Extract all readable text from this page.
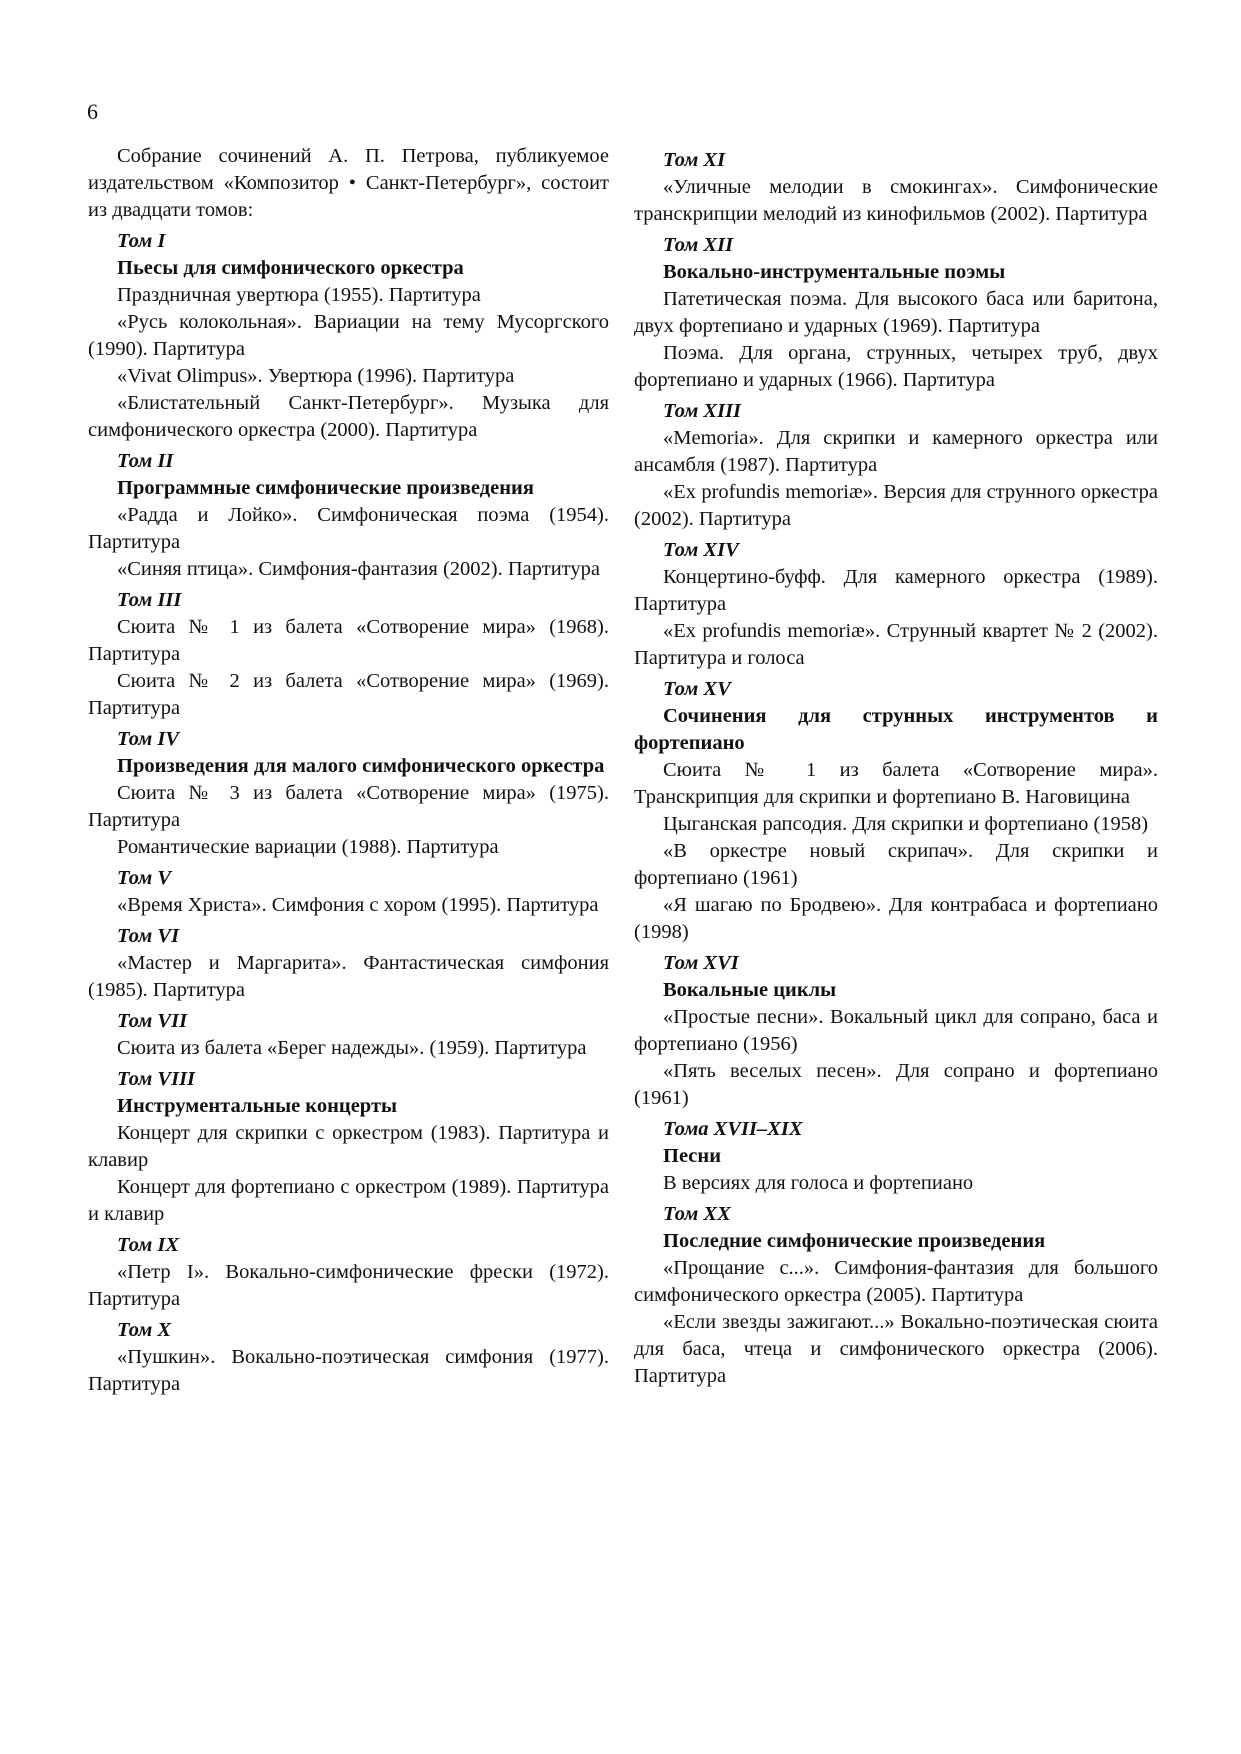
6

Собрание сочинений А. П. Петрова, публикуемое издательством «Композитор • Санкт-Петербург», состоит из двадцати томов:

Том I

Пьесы для симфонического оркестра

Праздничная увертюра (1955). Партитура

«Русь колокольная». Вариации на тему Мусоргского (1990). Партитура

«Vivat Olimpus». Увертюра (1996). Партитура

«Блистательный Санкт-Петербург». Музыка для симфонического оркестра (2000). Партитура

Том II

Программные симфонические произведения

«Радда и Лойко». Симфоническая поэма (1954). Партитура

«Синяя птица». Симфония-фантазия (2002). Партитура

Том III

Сюита № 1 из балета «Сотворение мира» (1968). Партитура

Сюита № 2 из балета «Сотворение мира» (1969). Партитура

Том IV

Произведения для малого симфонического оркестра

Сюита № 3 из балета «Сотворение мира» (1975). Партитура

Романтические вариации (1988). Партитура

Том V

«Время Христа». Симфония с хором (1995). Партитура

Том VI

«Мастер и Маргарита». Фантастическая симфония (1985). Партитура

Том VII

Сюита из балета «Берег надежды». (1959). Партитура

Том VIII

Инструментальные концерты

Концерт для скрипки с оркестром (1983). Партитура и клавир

Концерт для фортепиано с оркестром (1989). Партитура и клавир

Том IX

«Петр I». Вокально-симфонические фрески (1972). Партитура

Том X

«Пушкин». Вокально-поэтическая симфония (1977). Партитура

Том XI

«Уличные мелодии в смокингах». Симфонические транскрипции мелодий из кинофильмов (2002). Партитура

Том XII

Вокально-инструментальные поэмы

Патетическая поэма. Для высокого баса или баритона, двух фортепиано и ударных (1969). Партитура

Поэма. Для органа, струнных, четырех труб, двух фортепиано и ударных (1966). Партитура

Том XIII

«Memoria». Для скрипки и камерного оркестра или ансамбля (1987). Партитура

«Ex profundis memoriæ». Версия для струнного оркестра (2002). Партитура

Том XIV

Концертино-буфф. Для камерного оркестра (1989). Партитура

«Ex profundis memoriæ». Струнный квартет № 2 (2002). Партитура и голоса

Том XV

Сочинения для струнных инструментов и фортепиано

Сюита № 1 из балета «Сотворение мира». Транскрипция для скрипки и фортепиано В. Наговицина

Цыганская рапсодия. Для скрипки и фортепиано (1958)

«В оркестре новый скрипач». Для скрипки и фортепиано (1961)

«Я шагаю по Бродвею». Для контрабаса и фортепиано (1998)

Том XVI

Вокальные циклы

«Простые песни». Вокальный цикл для сопрано, баса и фортепиано (1956)

«Пять веселых песен». Для сопрано и фортепиано (1961)

Тома XVII–XIX

Песни

В версиях для голоса и фортепиано

Том XX

Последние симфонические произведения

«Прощание с...». Симфония-фантазия для большого симфонического оркестра (2005). Партитура

«Если звезды зажигают...» Вокально-поэтическая сюита для баса, чтеца и симфонического оркестра (2006). Партитура
